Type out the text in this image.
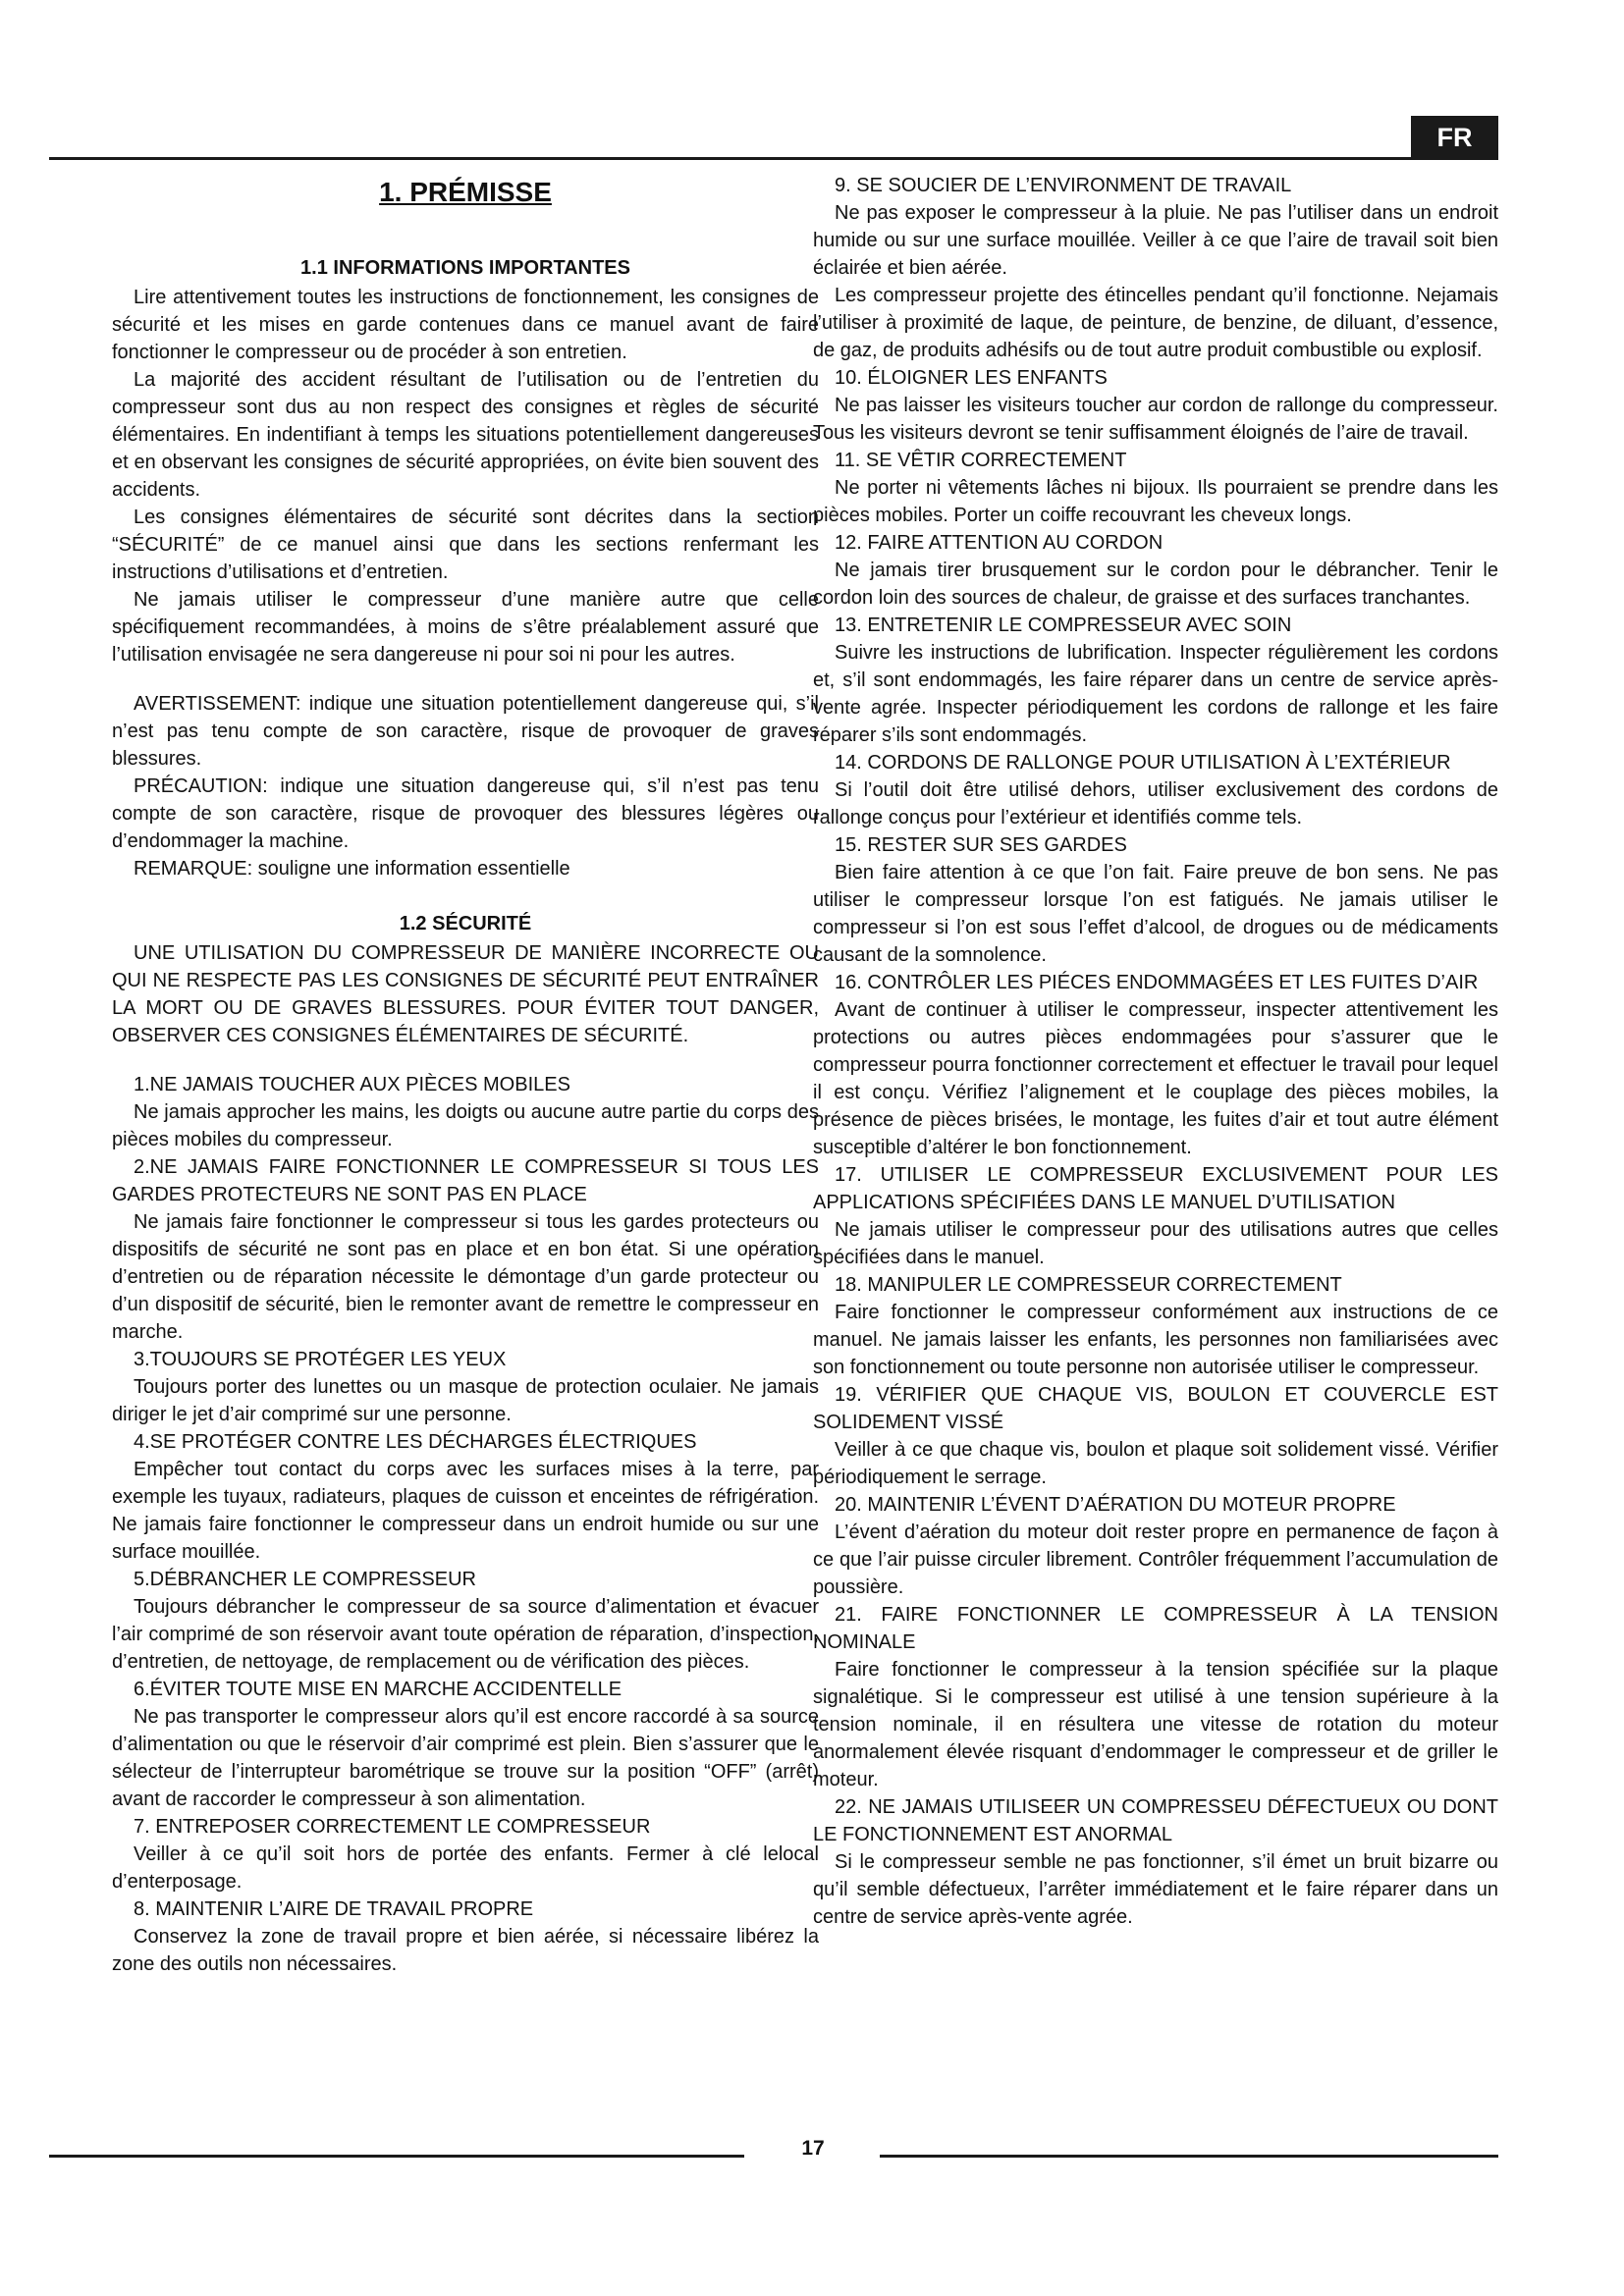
FR
1. PRÉMISSE
1.1 INFORMATIONS IMPORTANTES

Lire attentivement toutes les instructions de fonctionnement, les consignes de sécurité et les mises en garde contenues dans ce manuel avant de faire fonctionner le compresseur ou de procéder à son entretien.

La majorité des accident résultant de l’utilisation ou de l’entretien du compresseur sont dus au non respect des consignes et règles de sécurité élémentaires. En indentifiant à temps les situations potentiellement dangereuses et en observant les consignes de sécurité appropriées, on évite bien souvent des accidents.

Les consignes élémentaires de sécurité sont décrites dans la section “SÉCURITÉ” de ce manuel ainsi que dans les sections renfermant les instructions d’utilisations et d’entretien.

Ne jamais utiliser le compresseur d’une manière autre que celle spécifiquement recommandées, à moins de s’être préalablement assuré que l’utilisation envisagée ne sera dangereuse ni pour soi ni pour les autres.

AVERTISSEMENT: indique une situation potentiellement dangereuse qui, s’il n’est pas tenu compte de son caractère, risque de provoquer de graves blessures.

PRÉCAUTION: indique une situation dangereuse qui, s’il n’est pas tenu compte de son caractère, risque de provoquer des blessures légères ou d’endommager la machine.

REMARQUE: souligne une information essentielle

1.2 SÉCURITÉ

UNE UTILISATION DU COMPRESSEUR DE MANIÈRE INCORRECTE OU QUI NE RESPECTE PAS LES CONSIGNES DE SÉCURITÉ PEUT ENTRAÎNER LA MORT OU DE GRAVES BLESSURES. POUR ÉVITER TOUT DANGER, OBSERVER CES CONSIGNES ÉLÉMENTAIRES DE SÉCURITÉ.

1.NE JAMAIS TOUCHER AUX PIÈCES MOBILES

Ne jamais approcher les mains, les doigts ou aucune autre partie du corps des pièces mobiles du compresseur.

2.NE JAMAIS FAIRE FONCTIONNER LE COMPRESSEUR SI TOUS LES GARDES PROTECTEURS NE SONT PAS EN PLACE

Ne jamais faire fonctionner le compresseur si tous les gardes protecteurs ou dispositifs de sécurité ne sont pas en place et en bon état. Si une opération d’entretien ou de réparation nécessite le démontage d’un garde protecteur ou d’un dispositif de sécurité, bien le remonter avant de remettre le compresseur en marche.

3.TOUJOURS SE PROTÉGER LES YEUX

Toujours porter des lunettes ou un masque de protection oculaier. Ne jamais diriger le jet d’air comprimé sur une personne.

4.SE PROTÉGER CONTRE LES DÉCHARGES ÉLECTRIQUES

Empêcher tout contact du corps avec les surfaces mises à la terre, par exemple les tuyaux, radiateurs, plaques de cuisson et enceintes de réfrigération. Ne jamais faire fonctionner le compresseur dans un endroit humide ou sur une surface mouillée.

5.DÉBRANCHER LE COMPRESSEUR

Toujours débrancher le compresseur de sa source d’alimentation et évacuer l’air comprimé de son réservoir avant toute opération de réparation, d’inspection, d’entretien, de nettoyage, de remplacement ou de vérification des pièces.

6.ÉVITER TOUTE MISE EN MARCHE ACCIDENTELLE

Ne pas transporter le compresseur alors qu’il est encore raccordé à sa source d’alimentation ou que le réservoir d’air comprimé est plein. Bien s’assurer que le sélecteur de l’interrupteur barométrique se trouve sur la position “OFF” (arrêt) avant de raccorder le compresseur à son alimentation.

7. ENTREPOSER CORRECTEMENT LE COMPRESSEUR

Veiller à ce qu’il soit hors de portée des enfants. Fermer à clé lelocal d’enterposage.

8. MAINTENIR L’AIRE DE TRAVAIL PROPRE

Conservez la zone de travail propre et bien aérée, si nécessaire libérez la zone des outils non nécessaires.

9. SE SOUCIER DE L’ENVIRONMENT DE TRAVAIL

Ne pas exposer le compresseur à la pluie. Ne pas l’utiliser dans un endroit humide ou sur une surface mouillée. Veiller à ce que l’aire de travail soit bien éclairée et bien aérée.

Les compresseur projette des étincelles pendant qu’il fonctionne. Nejamais l’utiliser à proximité de laque, de peinture, de benzine, de diluant, d’essence, de gaz, de produits adhésifs ou de tout autre produit combustible ou explosif.

10. ÉLOIGNER LES ENFANTS

Ne pas laisser les visiteurs toucher aur cordon de rallonge du compresseur. Tous les visiteurs devront se tenir suffisamment éloignés de l’aire de travail.

11. SE VÊTIR CORRECTEMENT

Ne porter ni vêtements lâches ni bijoux. Ils pourraient se prendre dans les pièces mobiles. Porter un coiffe recouvrant les cheveux longs.

12. FAIRE ATTENTION AU CORDON

Ne jamais tirer brusquement sur le cordon pour le débrancher. Tenir le cordon loin des sources de chaleur, de graisse et des surfaces tranchantes.

13. ENTRETENIR LE COMPRESSEUR AVEC SOIN

Suivre les instructions de lubrification. Inspecter régulièrement les cordons et, s’il sont endommagés, les faire réparer dans un centre de service après-vente agrée. Inspecter périodiquement les cordons de rallonge et les faire réparer s’ils sont endommagés.

14. CORDONS DE RALLONGE POUR UTILISATION À L’EXTÉRIEUR

Si l’outil doit être utilisé dehors, utiliser exclusivement des cordons de rallonge conçus pour l’extérieur et identifiés comme tels.

15. RESTER SUR SES GARDES

Bien faire attention à ce que l’on fait. Faire preuve de bon sens. Ne pas utiliser le compresseur lorsque l’on est fatigués. Ne jamais utiliser le compresseur si l’on est sous l’effet d’alcool, de drogues ou de médicaments causant de la somnolence.

16. CONTRÔLER LES PIÉCES ENDOMMAGÉES ET LES FUITES D’AIR

Avant de continuer à utiliser le compresseur, inspecter attentivement les protections ou autres pièces endommagées pour s’assurer que le compresseur pourra fonctionner correctement et effectuer le travail pour lequel il est conçu. Vérifiez l’alignement et le couplage des pièces mobiles, la présence de pièces brisées, le montage, les fuites d’air et tout autre élément susceptible d’altérer le bon fonctionnement.

17. UTILISER LE COMPRESSEUR EXCLUSIVEMENT POUR LES APPLICATIONS SPÉCIFIÉES DANS LE MANUEL D’UTILISATION

Ne jamais utiliser le compresseur pour des utilisations autres que celles spécifiées dans le manuel.

18. MANIPULER LE COMPRESSEUR CORRECTEMENT

Faire fonctionner le compresseur conformément aux instructions de ce manuel. Ne jamais laisser les enfants, les personnes non familiarisées avec son fonctionnement ou toute personne non autorisée utiliser le compresseur.

19. VÉRIFIER QUE CHAQUE VIS, BOULON ET COUVERCLE EST SOLIDEMENT VISSÉ

Veiller à ce que chaque vis, boulon et plaque soit solidement vissé. Vérifier périodiquement le serrage.

20. MAINTENIR L’ÉVENT D’AÉRATION DU MOTEUR PROPRE

L’évent d’aération du moteur doit rester propre en permanence de façon à ce que l’air puisse circuler librement. Contrôler fréquemment l’accumulation de poussière.

21. FAIRE FONCTIONNER LE COMPRESSEUR À LA TENSION NOMINALE

Faire fonctionner le compresseur à la tension spécifiée sur la plaque signalétique. Si le compresseur est utilisé à une tension supérieure à la tension nominale, il en résultera une vitesse de rotation du moteur anormalement élevée risquant d’endommager le compresseur et de griller le moteur.

22. NE JAMAIS UTILISEER UN COMPRESSEU DÉFECTUEUX OU DONT LE FONCTIONNEMENT EST ANORMAL

Si le compresseur semble ne pas fonctionner, s’il émet un bruit bizarre ou qu’il semble défectueux, l’arrêter immédiatement et le faire réparer dans un centre de service après-vente agrée.

17
